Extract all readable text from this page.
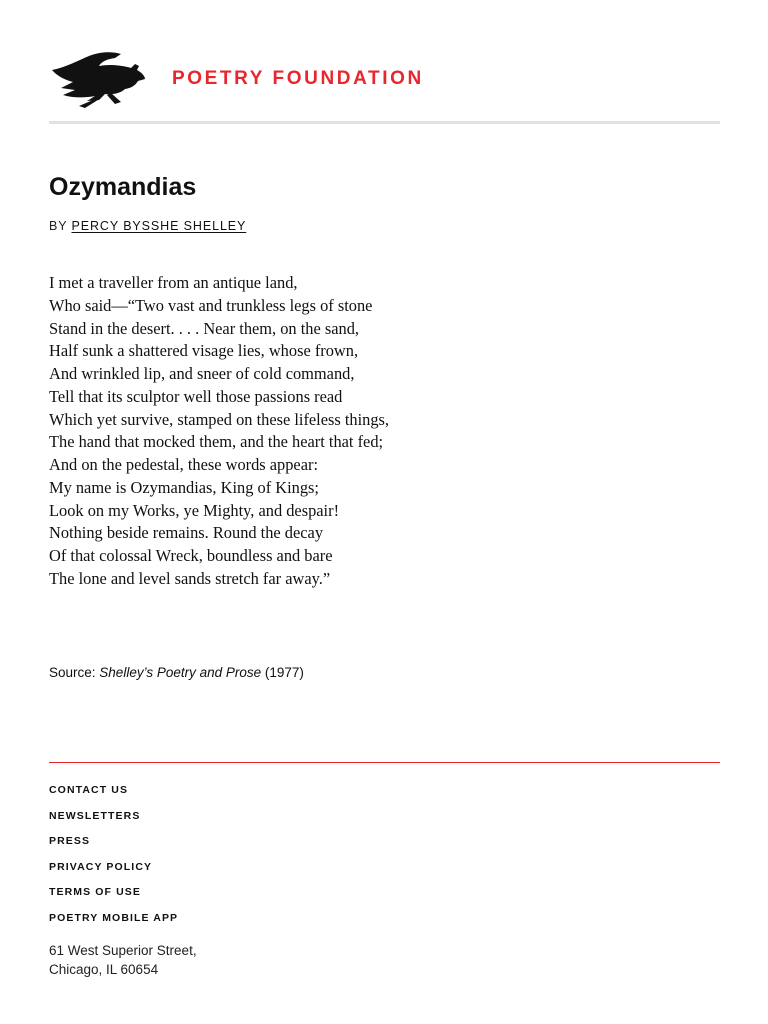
POETRY FOUNDATION
Ozymandias
BY PERCY BYSSHE SHELLEY
I met a traveller from an antique land,
Who said—“Two vast and trunkless legs of stone
Stand in the desert. . . . Near them, on the sand,
Half sunk a shattered visage lies, whose frown,
And wrinkled lip, and sneer of cold command,
Tell that its sculptor well those passions read
Which yet survive, stamped on these lifeless things,
The hand that mocked them, and the heart that fed;
And on the pedestal, these words appear:
My name is Ozymandias, King of Kings;
Look on my Works, ye Mighty, and despair!
Nothing beside remains. Round the decay
Of that colossal Wreck, boundless and bare
The lone and level sands stretch far away.”
Source: Shelley’s Poetry and Prose (1977)
CONTACT US
NEWSLETTERS
PRESS
PRIVACY POLICY
TERMS OF USE
POETRY MOBILE APP
61 West Superior Street,
Chicago, IL 60654
